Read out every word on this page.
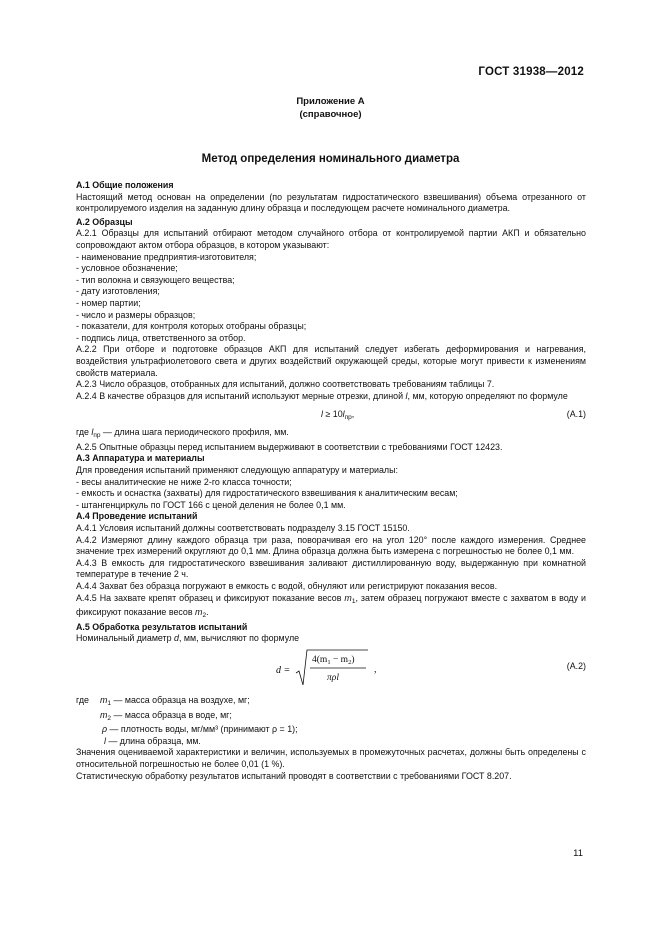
ГОСТ 31938—2012
Приложение А
(справочное)
Метод определения номинального диаметра

А.1 Общие положения

Настоящий метод основан на определении (по результатам гидростатического взвешивания) объема отрезанного от контролируемого изделия на заданную длину образца и последующем расчете номинального диаметра.

А.2 Образцы

А.2.1 Образцы для испытаний отбирают методом случайного отбора от контролируемой партии АКП и обязательно сопровождают актом отбора образцов, в котором указывают:

- наименование предприятия-изготовителя;

- условное обозначение;

- тип волокна и связующего вещества;

- дату изготовления;

- номер партии;

- число и размеры образцов;

- показатели, для контроля которых отобраны образцы;

- подпись лица, ответственного за отбор.

А.2.2 При отборе и подготовке образцов АКП для испытаний следует избегать деформирования и нагревания, воздействия ультрафиолетового света и других воздействий окружающей среды, которые могут привести к изменениям свойств материала.

А.2.3 Число образцов, отобранных для испытаний, должно соответствовать требованиям таблицы 7.

А.2.4 В качестве образцов для испытаний используют мерные отрезки, длиной l, мм, которую определяют по формуле

$l \ge 10l_{пр}$,	(А.1)

где $l_{пр}$ — длина шага периодического профиля, мм.

А.2.5 Опытные образцы перед испытанием выдерживают в соответствии с требованиями ГОСТ 12423.

А.3 Аппаратура и материалы

Для проведения испытаний применяют следующую аппаратуру и материалы:

- весы аналитические не ниже 2-го класса точности;

- емкость и оснастка (захваты) для гидростатического взвешивания к аналитическим весам;

- штангенциркуль по ГОСТ 166 с ценой деления не более 0,1 мм.

А.4 Проведение испытаний

А.4.1 Условия испытаний должны соответствовать подразделу 3.15 ГОСТ 15150.

А.4.2 Измеряют длину каждого образца три раза, поворачивая его на угол 120° после каждого измерения. Среднее значение трех измерений округляют до 0,1 мм. Длина образца должна быть измерена с погрешностью не более 0,1 мм.

А.4.3 В емкость для гидростатического взвешивания заливают дистиллированную воду, выдержанную при комнатной температуре в течение 2 ч.

А.4.4 Захват без образца погружают в емкость с водой, обнуляют или регистрируют показания весов.

А.4.5 На захвате крепят образец и фиксируют показание весов $m_1$, затем образец погружают вместе с захватом в воду и фиксируют показание весов $m_2$.

А.5 Обработка результатов испытаний

Номинальный диаметр d, мм, вычисляют по формуле

d =
$4(m_1 - m_2)$
πρl
,	(А.2)

где $m_1$ — масса образца на воздухе, мг;

$m_2$ — масса образца в воде, мг;

ρ — плотность воды, мг/мм³ (принимают ρ = 1);

l — длина образца, мм.

Значения оцениваемой характеристики и величин, используемых в промежуточных расчетах, должны быть определены с относительной погрешностью не более 0,01 (1 %).

Статистическую обработку результатов испытаний проводят в соответствии с требованиями ГОСТ 8.207.

11
